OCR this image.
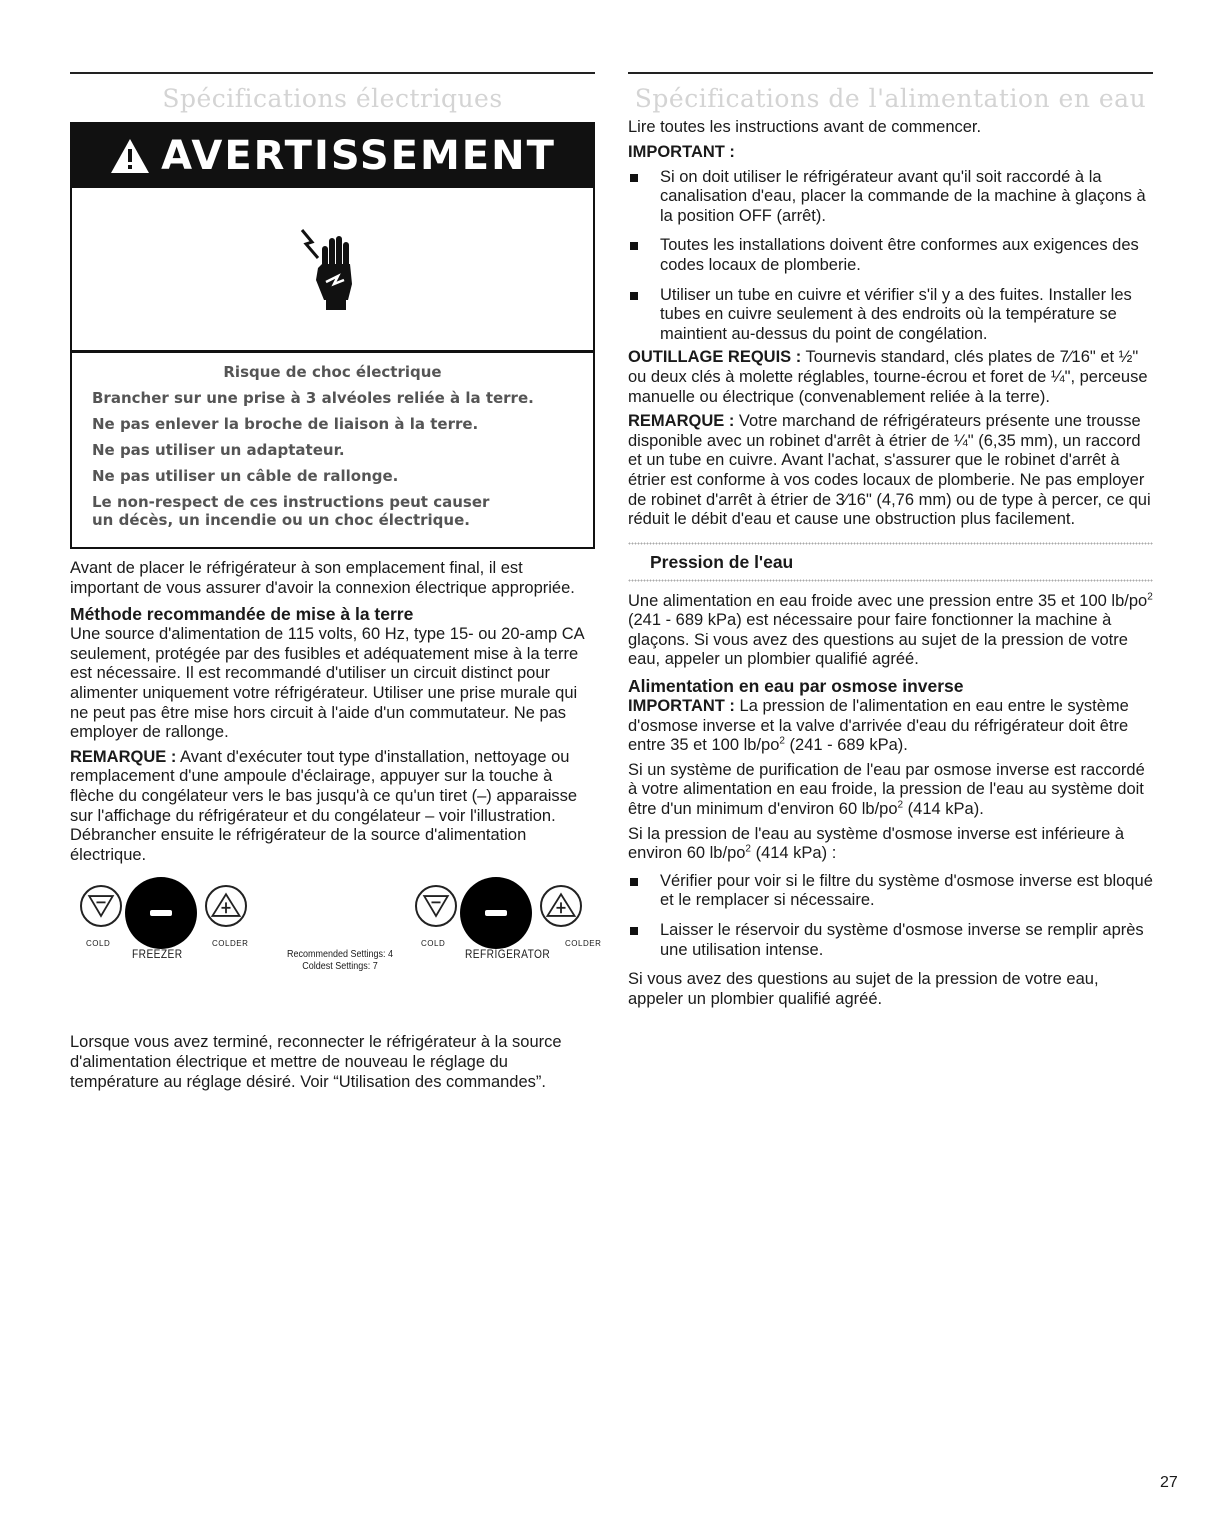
Spécifications électriques
AVERTISSEMENT
Risque de choc électrique
Brancher sur une prise à 3 alvéoles reliée à la terre.
Ne pas enlever la broche de liaison à la terre.
Ne pas utiliser un adaptateur.
Ne pas utiliser un câble de rallonge.
Le non-respect de ces instructions peut causer
un décès, un incendie ou un choc électrique.

Avant de placer le réfrigérateur à son emplacement final, il est important de vous assurer d'avoir la connexion électrique appropriée.

Méthode recommandée de mise à la terre

Une source d'alimentation de 115 volts, 60 Hz, type 15- ou 20-amp CA seulement, protégée par des fusibles et adéquatement mise à la terre est nécessaire. Il est recommandé d'utiliser un circuit distinct pour alimenter uniquement votre réfrigérateur. Utiliser une prise murale qui ne peut pas être mise hors circuit à l'aide d'un commutateur. Ne pas employer de rallonge.

REMARQUE : Avant d'exécuter tout type d'installation, nettoyage ou remplacement d'une ampoule d'éclairage, appuyer sur la touche à flèche du congélateur vers le bas jusqu'à ce qu'un tiret (–) apparaisse sur l'affichage du réfrigérateur et du congélateur – voir l'illustration. Débrancher ensuite le réfrigérateur de la source d'alimentation électrique.

COLD
FREEZER
COLDER
Recommended Settings: 4
Coldest Settings: 7
COLD
REFRIGERATOR
COLDER

Lorsque vous avez terminé, reconnecter le réfrigérateur à la source d'alimentation électrique et mettre de nouveau le réglage du température au réglage désiré. Voir “Utilisation des commandes”.

Spécifications de l'alimentation en eau

Lire toutes les instructions avant de commencer.

IMPORTANT :

Si on doit utiliser le réfrigérateur avant qu'il soit raccordé à la canalisation d'eau, placer la commande de la machine à glaçons à la position OFF (arrêt).
Toutes les installations doivent être conformes aux exigences des codes locaux de plomberie.
Utiliser un tube en cuivre et vérifier s'il y a des fuites. Installer les tubes en cuivre seulement à des endroits où la température se maintient au-dessus du point de congélation.

OUTILLAGE REQUIS : Tournevis standard, clés plates de 7⁄16" et ½" ou deux clés à molette réglables, tourne-écrou et foret de ¼", perceuse manuelle ou électrique (convenablement reliée à la terre).

REMARQUE : Votre marchand de réfrigérateurs présente une trousse disponible avec un robinet d'arrêt à étrier de ¼" (6,35 mm), un raccord et un tube en cuivre. Avant l'achat, s'assurer que le robinet d'arrêt à étrier est conforme à vos codes locaux de plomberie. Ne pas employer de robinet d'arrêt à étrier de 3⁄16" (4,76 mm) ou de type à percer, ce qui réduit le débit d'eau et cause une obstruction plus facilement.

Pression de l'eau

Une alimentation en eau froide avec une pression entre 35 et 100 $lb/po^2$ (241 - 689 kPa) est nécessaire pour faire fonctionner la machine à glaçons. Si vous avez des questions au sujet de la pression de votre eau, appeler un plombier qualifié agréé.

Alimentation en eau par osmose inverse

IMPORTANT : La pression de l'alimentation en eau entre le système d'osmose inverse et la valve d'arrivée d'eau du réfrigérateur doit être entre 35 et 100 $lb/po^2$ (241 - 689 kPa).

Si un système de purification de l'eau par osmose inverse est raccordé à votre alimentation en eau froide, la pression de l'eau au système doit être d'un minimum d'environ 60 $lb/po^2$ (414 kPa).

Si la pression de l'eau au système d'osmose inverse est inférieure à environ 60 $lb/po^2$ (414 kPa) :

Vérifier pour voir si le filtre du système d'osmose inverse est bloqué et le remplacer si nécessaire.
Laisser le réservoir du système d'osmose inverse se remplir après une utilisation intense.

Si vous avez des questions au sujet de la pression de votre eau, appeler un plombier qualifié agréé.

27
